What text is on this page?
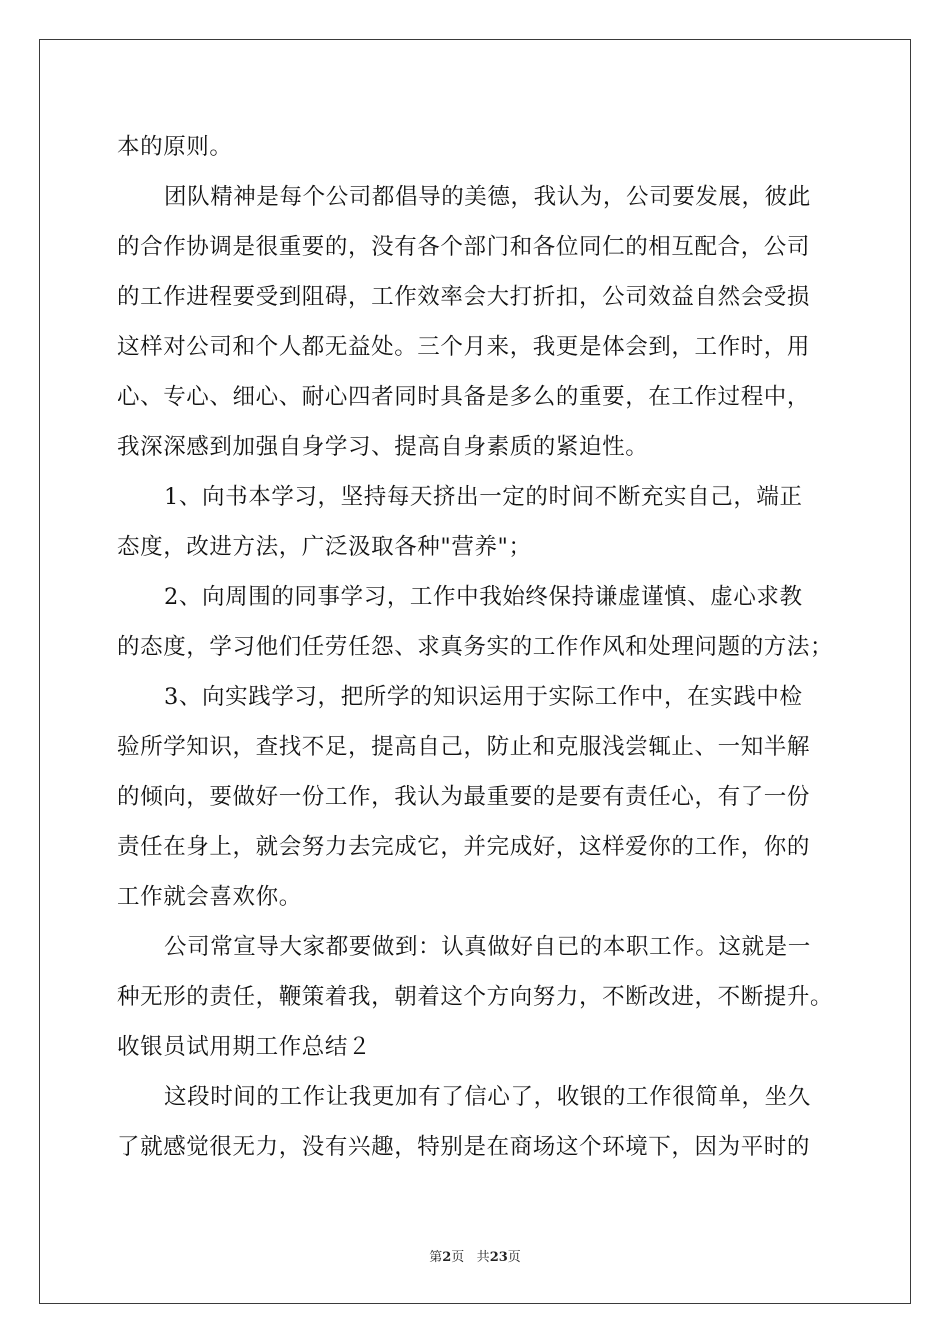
本的原则。
团队精神是每个公司都倡导的美德，我认为，公司要发展，彼此
的合作协调是很重要的，没有各个部门和各位同仁的相互配合，公司
的工作进程要受到阻碍，工作效率会大打折扣，公司效益自然会受损
这样对公司和个人都无益处。三个月来，我更是体会到，工作时，用
心、专心、细心、耐心四者同时具备是多么的重要，在工作过程中，
我深深感到加强自身学习、提高自身素质的紧迫性。
1、向书本学习，坚持每天挤出一定的时间不断充实自己，端正
态度，改进方法，广泛汲取各种"营养"；
2、向周围的同事学习，工作中我始终保持谦虚谨慎、虚心求教
的态度，学习他们任劳任怨、求真务实的工作作风和处理问题的方法；
3、向实践学习，把所学的知识运用于实际工作中，在实践中检
验所学知识，查找不足，提高自己，防止和克服浅尝辄止、一知半解
的倾向，要做好一份工作，我认为最重要的是要有责任心，有了一份
责任在身上，就会努力去完成它，并完成好，这样爱你的工作，你的
工作就会喜欢你。
公司常宣导大家都要做到：认真做好自已的本职工作。这就是一
种无形的责任，鞭策着我，朝着这个方向努力，不断改进，不断提升。
收银员试用期工作总结２
这段时间的工作让我更加有了信心了，收银的工作很简单，坐久
了就感觉很无力，没有兴趣，特别是在商场这个环境下，因为平时的
第2页 共23页
